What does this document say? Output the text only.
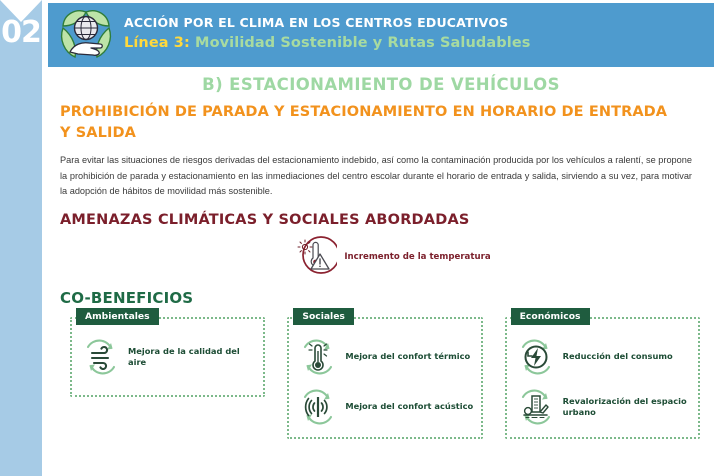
02	ACCIÓN POR EL CLIMA EN LOS CENTROS EDUCATIVOS
Línea 3: Movilidad Sostenible y Rutas Saludables
B) ESTACIONAMIENTO DE VEHÍCULOS
PROHIBICIÓN DE PARADA Y ESTACIONAMIENTO EN HORARIO DE ENTRADA Y SALIDA
Para evitar las situaciones de riesgos derivadas del estacionamiento indebido, así como la contaminación producida por los vehículos a ralentí, se propone la prohibición de parada y estacionamiento en las inmediaciones del centro escolar durante el horario de entrada y salida, sirviendo a su vez, para motivar la adopción de hábitos de movilidad más sostenible.
AMENAZAS CLIMÁTICAS Y SOCIALES ABORDADAS
Incremento de la temperatura
CO-BENEFICIOS
Ambientales
Mejora de la calidad del aire
Sociales
Mejora del confort térmico
Mejora del confort acústico
Económicos
Reducción del consumo
Revalorización del espacio urbano
